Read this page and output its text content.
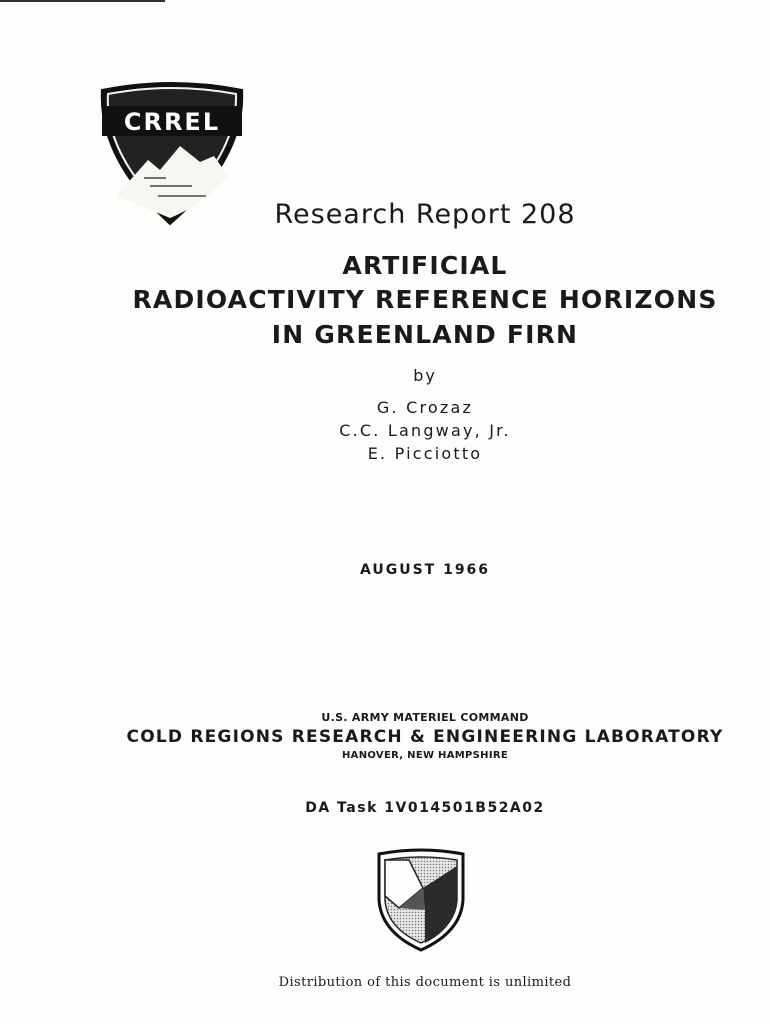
CRREL
Research Report 208
ARTIFICIAL
RADIOACTIVITY REFERENCE HORIZONS
IN GREENLAND FIRN
by
G. Crozaz
C.C. Langway, Jr.
E. Picciotto
AUGUST 1966
U.S. ARMY MATERIEL COMMAND
COLD REGIONS RESEARCH & ENGINEERING LABORATORY
HANOVER, NEW HAMPSHIRE
DA Task 1V014501B52A02
Distribution of this document is unlimited
